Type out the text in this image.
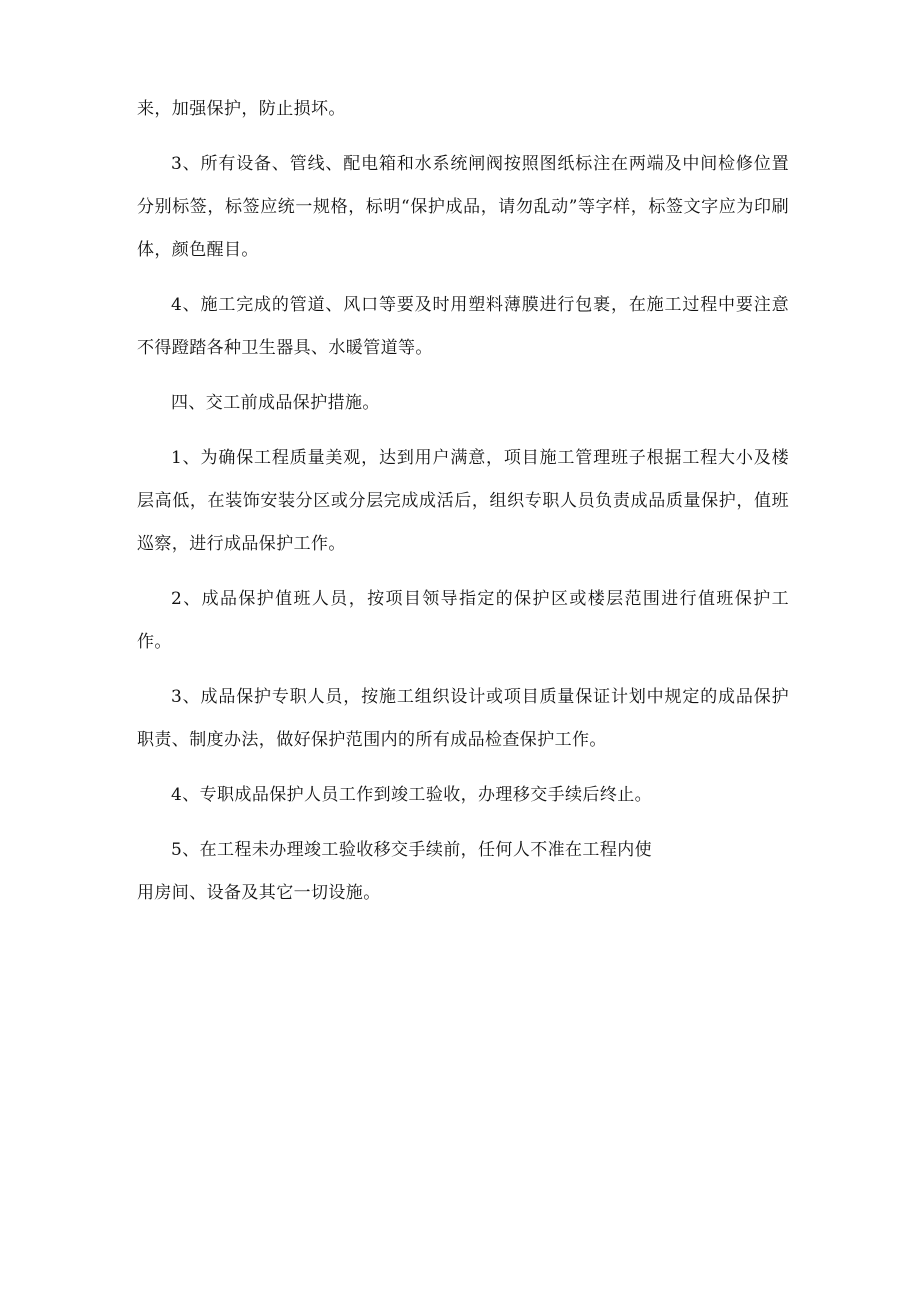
来，加强保护，防止损坏。

3、所有设备、管线、配电箱和水系统闸阀按照图纸标注在两端及中间检修位置分别标签，标签应统一规格，标明“保护成品，请勿乱动”等字样，标签文字应为印刷体，颜色醒目。

4、施工完成的管道、风口等要及时用塑料薄膜进行包裹，在施工过程中要注意不得蹬踏各种卫生器具、水暖管道等。

四、交工前成品保护措施。

1、为确保工程质量美观，达到用户满意，项目施工管理班子根据工程大小及楼层高低，在装饰安装分区或分层完成成活后，组织专职人员负责成品质量保护，值班巡察，进行成品保护工作。

2、成品保护值班人员，按项目领导指定的保护区或楼层范围进行值班保护工作。

3、成品保护专职人员，按施工组织设计或项目质量保证计划中规定的成品保护职责、制度办法，做好保护范围内的所有成品检查保护工作。

4、专职成品保护人员工作到竣工验收，办理移交手续后终止。

5、在工程未办理竣工验收移交手续前，任何人不准在工程内使

用房间、设备及其它一切设施。
